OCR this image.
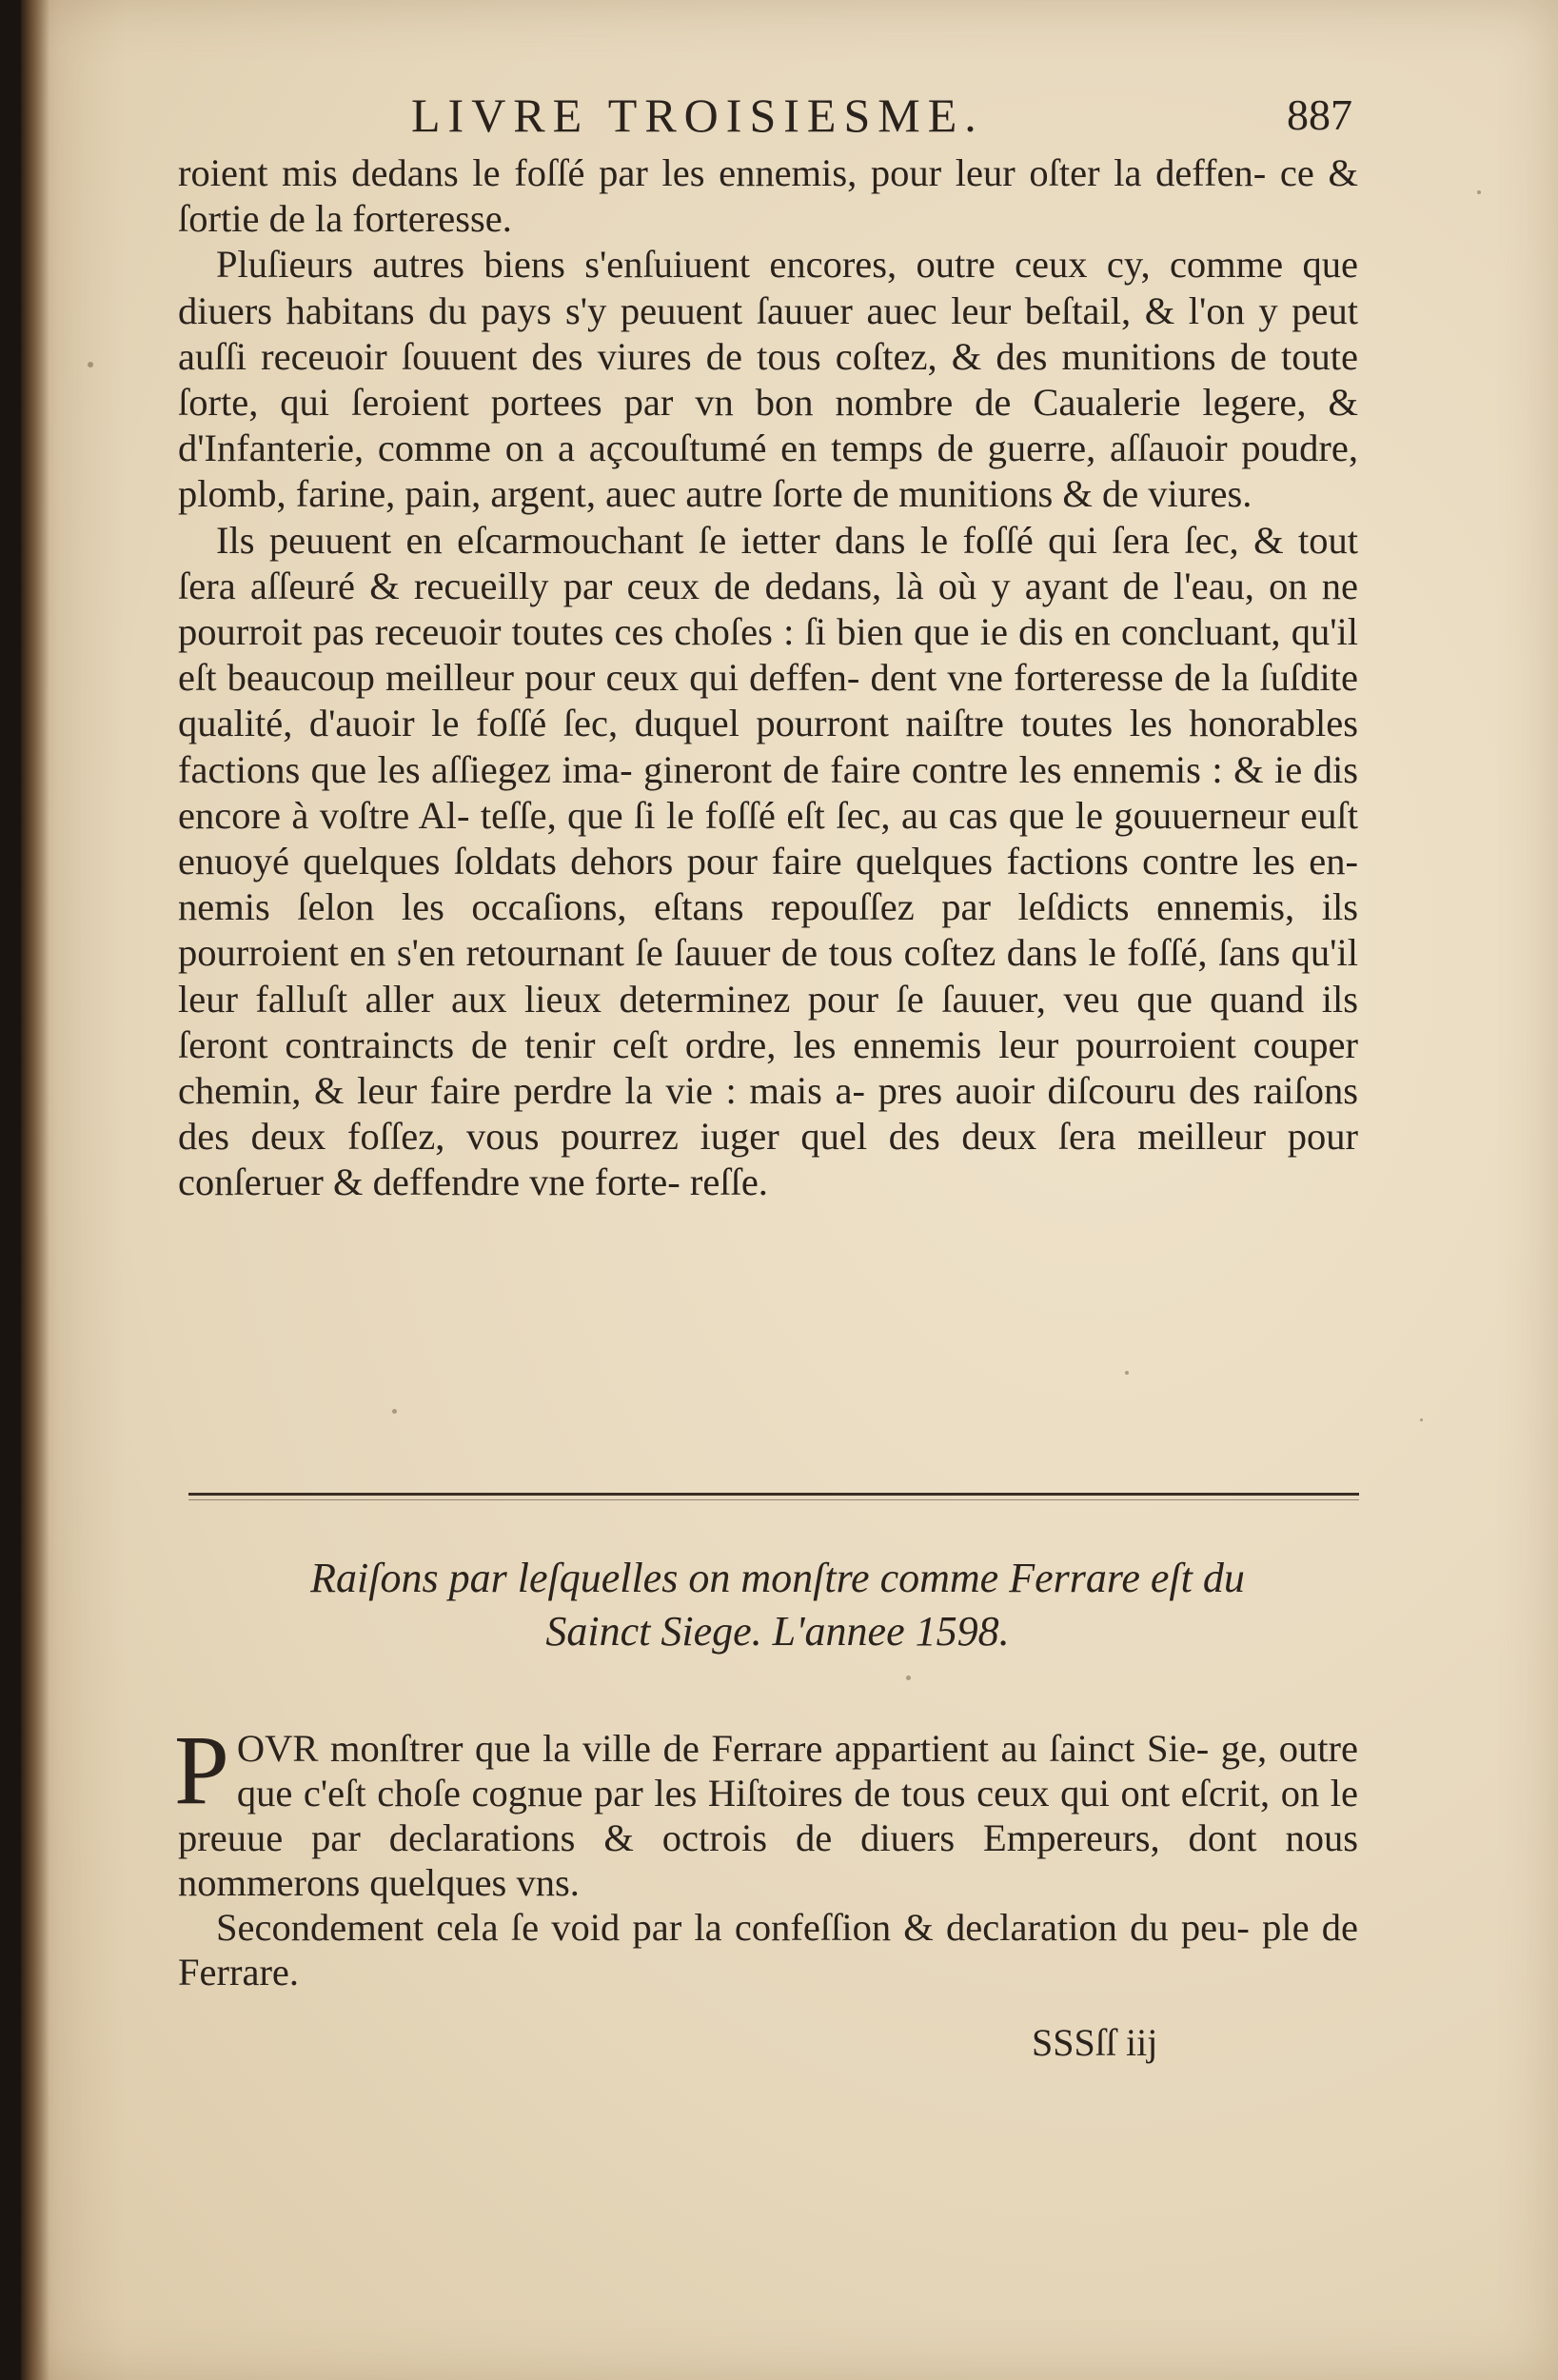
LIVRE TROISIESME.	887

roient mis dedans le foſſé par les ennemis, pour leur oſter la deffen- ce & ſortie de la forteresse.

Pluſieurs autres biens s'enſuiuent encores, outre ceux cy, comme que diuers habitans du pays s'y peuuent ſauuer auec leur beſtail, & l'on y peut auſſi receuoir ſouuent des viures de tous coſtez, & des munitions de toute ſorte, qui ſeroient portees par vn bon nombre de Caualerie legere, & d'Infanterie, comme on a açcouſtumé en temps de guerre, aſſauoir poudre, plomb, farine, pain, argent, auec autre ſorte de munitions & de viures.

Ils peuuent en eſcarmouchant ſe ietter dans le foſſé qui ſera ſec, & tout ſera aſſeuré & recueilly par ceux de dedans, là où y ayant de l'eau, on ne pourroit pas receuoir toutes ces choſes : ſi bien que ie dis en concluant, qu'il eſt beaucoup meilleur pour ceux qui deffen- dent vne forteresse de la ſuſdite qualité, d'auoir le foſſé ſec, duquel pourront naiſtre toutes les honorables factions que les aſſiegez ima- gineront de faire contre les ennemis : & ie dis encore à voſtre Al- teſſe, que ſi le foſſé eſt ſec, au cas que le gouuerneur euſt enuoyé quelques ſoldats dehors pour faire quelques factions contre les en- nemis ſelon les occaſions, eſtans repouſſez par leſdicts ennemis, ils pourroient en s'en retournant ſe ſauuer de tous coſtez dans le foſſé, ſans qu'il leur falluſt aller aux lieux determinez pour ſe ſauuer, veu que quand ils ſeront contraincts de tenir ceſt ordre, les ennemis leur pourroient couper chemin, & leur faire perdre la vie : mais a- pres auoir diſcouru des raiſons des deux foſſez, vous pourrez iuger quel des deux ſera meilleur pour conſeruer & deffendre vne forte- reſſe.

Raiſons par leſquelles on monſtre comme Ferrare eſt du
Sainct Siege. L'annee 1598.

POVR monſtrer que la ville de Ferrare appartient au ſainct Sie- ge, outre que c'eſt choſe cognue par les Hiſtoires de tous ceux qui ont eſcrit, on le preuue par declarations & octrois de diuers Empereurs, dont nous nommerons quelques vns.

Secondement cela ſe void par la confeſſion & declaration du peu- ple de Ferrare.

SSSſſ iij
